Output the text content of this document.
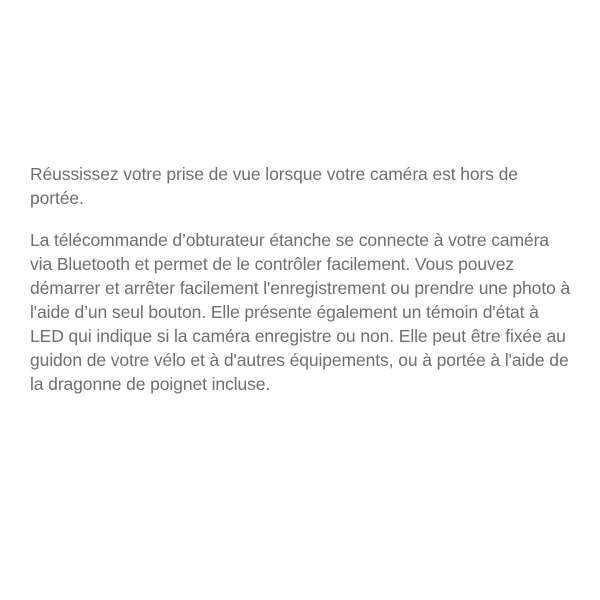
Réussissez votre prise de vue lorsque votre caméra est hors de portée.

La télécommande d’obturateur étanche se connecte à votre caméra via Bluetooth et permet de le contrôler facilement. Vous pouvez démarrer et arrêter facilement l'enregistrement ou prendre une photo à l'aide d’un seul bouton. Elle présente également un témoin d'état à LED qui indique si la caméra enregistre ou non. Elle peut être fixée au guidon de votre vélo et à d'autres équipements, ou à portée à l'aide de la dragonne de poignet incluse.
